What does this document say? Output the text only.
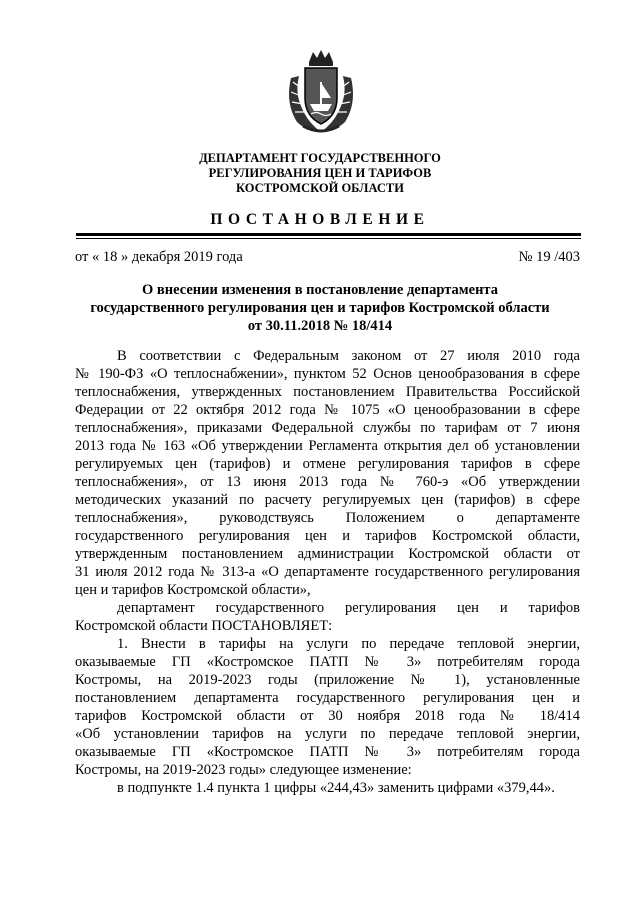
ДЕПАРТАМЕНТ ГОСУДАРСТВЕННОГО
РЕГУЛИРОВАНИЯ ЦЕН И ТАРИФОВ
КОСТРОМСКОЙ ОБЛАСТИ
ПОСТАНОВЛЕНИЕ
от « 18 » декабря 2019 года	№ 19 /403
О внесении изменения в постановление департамента
государственного регулирования цен и тарифов Костромской области
от 30.11.2018 № 18/414
В соответствии с Федеральным законом от 27 июля 2010 года
№ 190-ФЗ «О теплоснабжении», пунктом 52 Основ ценообразования в сфере
теплоснабжения, утвержденных постановлением Правительства Российской
Федерации от 22 октября 2012 года № 1075 «О ценообразовании в сфере
теплоснабжения», приказами Федеральной службы по тарифам от 7 июня
2013 года № 163 «Об утверждении Регламента открытия дел об установлении
регулируемых цен (тарифов) и отмене регулирования тарифов в сфере
теплоснабжения», от 13 июня 2013 года № 760-э «Об утверждении
методических указаний по расчету регулируемых цен (тарифов) в сфере
теплоснабжения», руководствуясь Положением о департаменте
государственного регулирования цен и тарифов Костромской области,
утвержденным постановлением администрации Костромской области от
31 июля 2012 года № 313-а «О департаменте государственного регулирования
цен и тарифов Костромской области»,
департамент государственного регулирования цен и тарифов
Костромской области ПОСТАНОВЛЯЕТ:
1. Внести в тарифы на услуги по передаче тепловой энергии,
оказываемые ГП «Костромское ПАТП № 3» потребителям города
Костромы, на 2019-2023 годы (приложение № 1), установленные
постановлением департамента государственного регулирования цен и
тарифов Костромской области от 30 ноября 2018 года № 18/414
«Об установлении тарифов на услуги по передаче тепловой энергии,
оказываемые ГП «Костромское ПАТП № 3» потребителям города
Костромы, на 2019-2023 годы» следующее изменение:
в подпункте 1.4 пункта 1 цифры «244,43» заменить цифрами «379,44».
